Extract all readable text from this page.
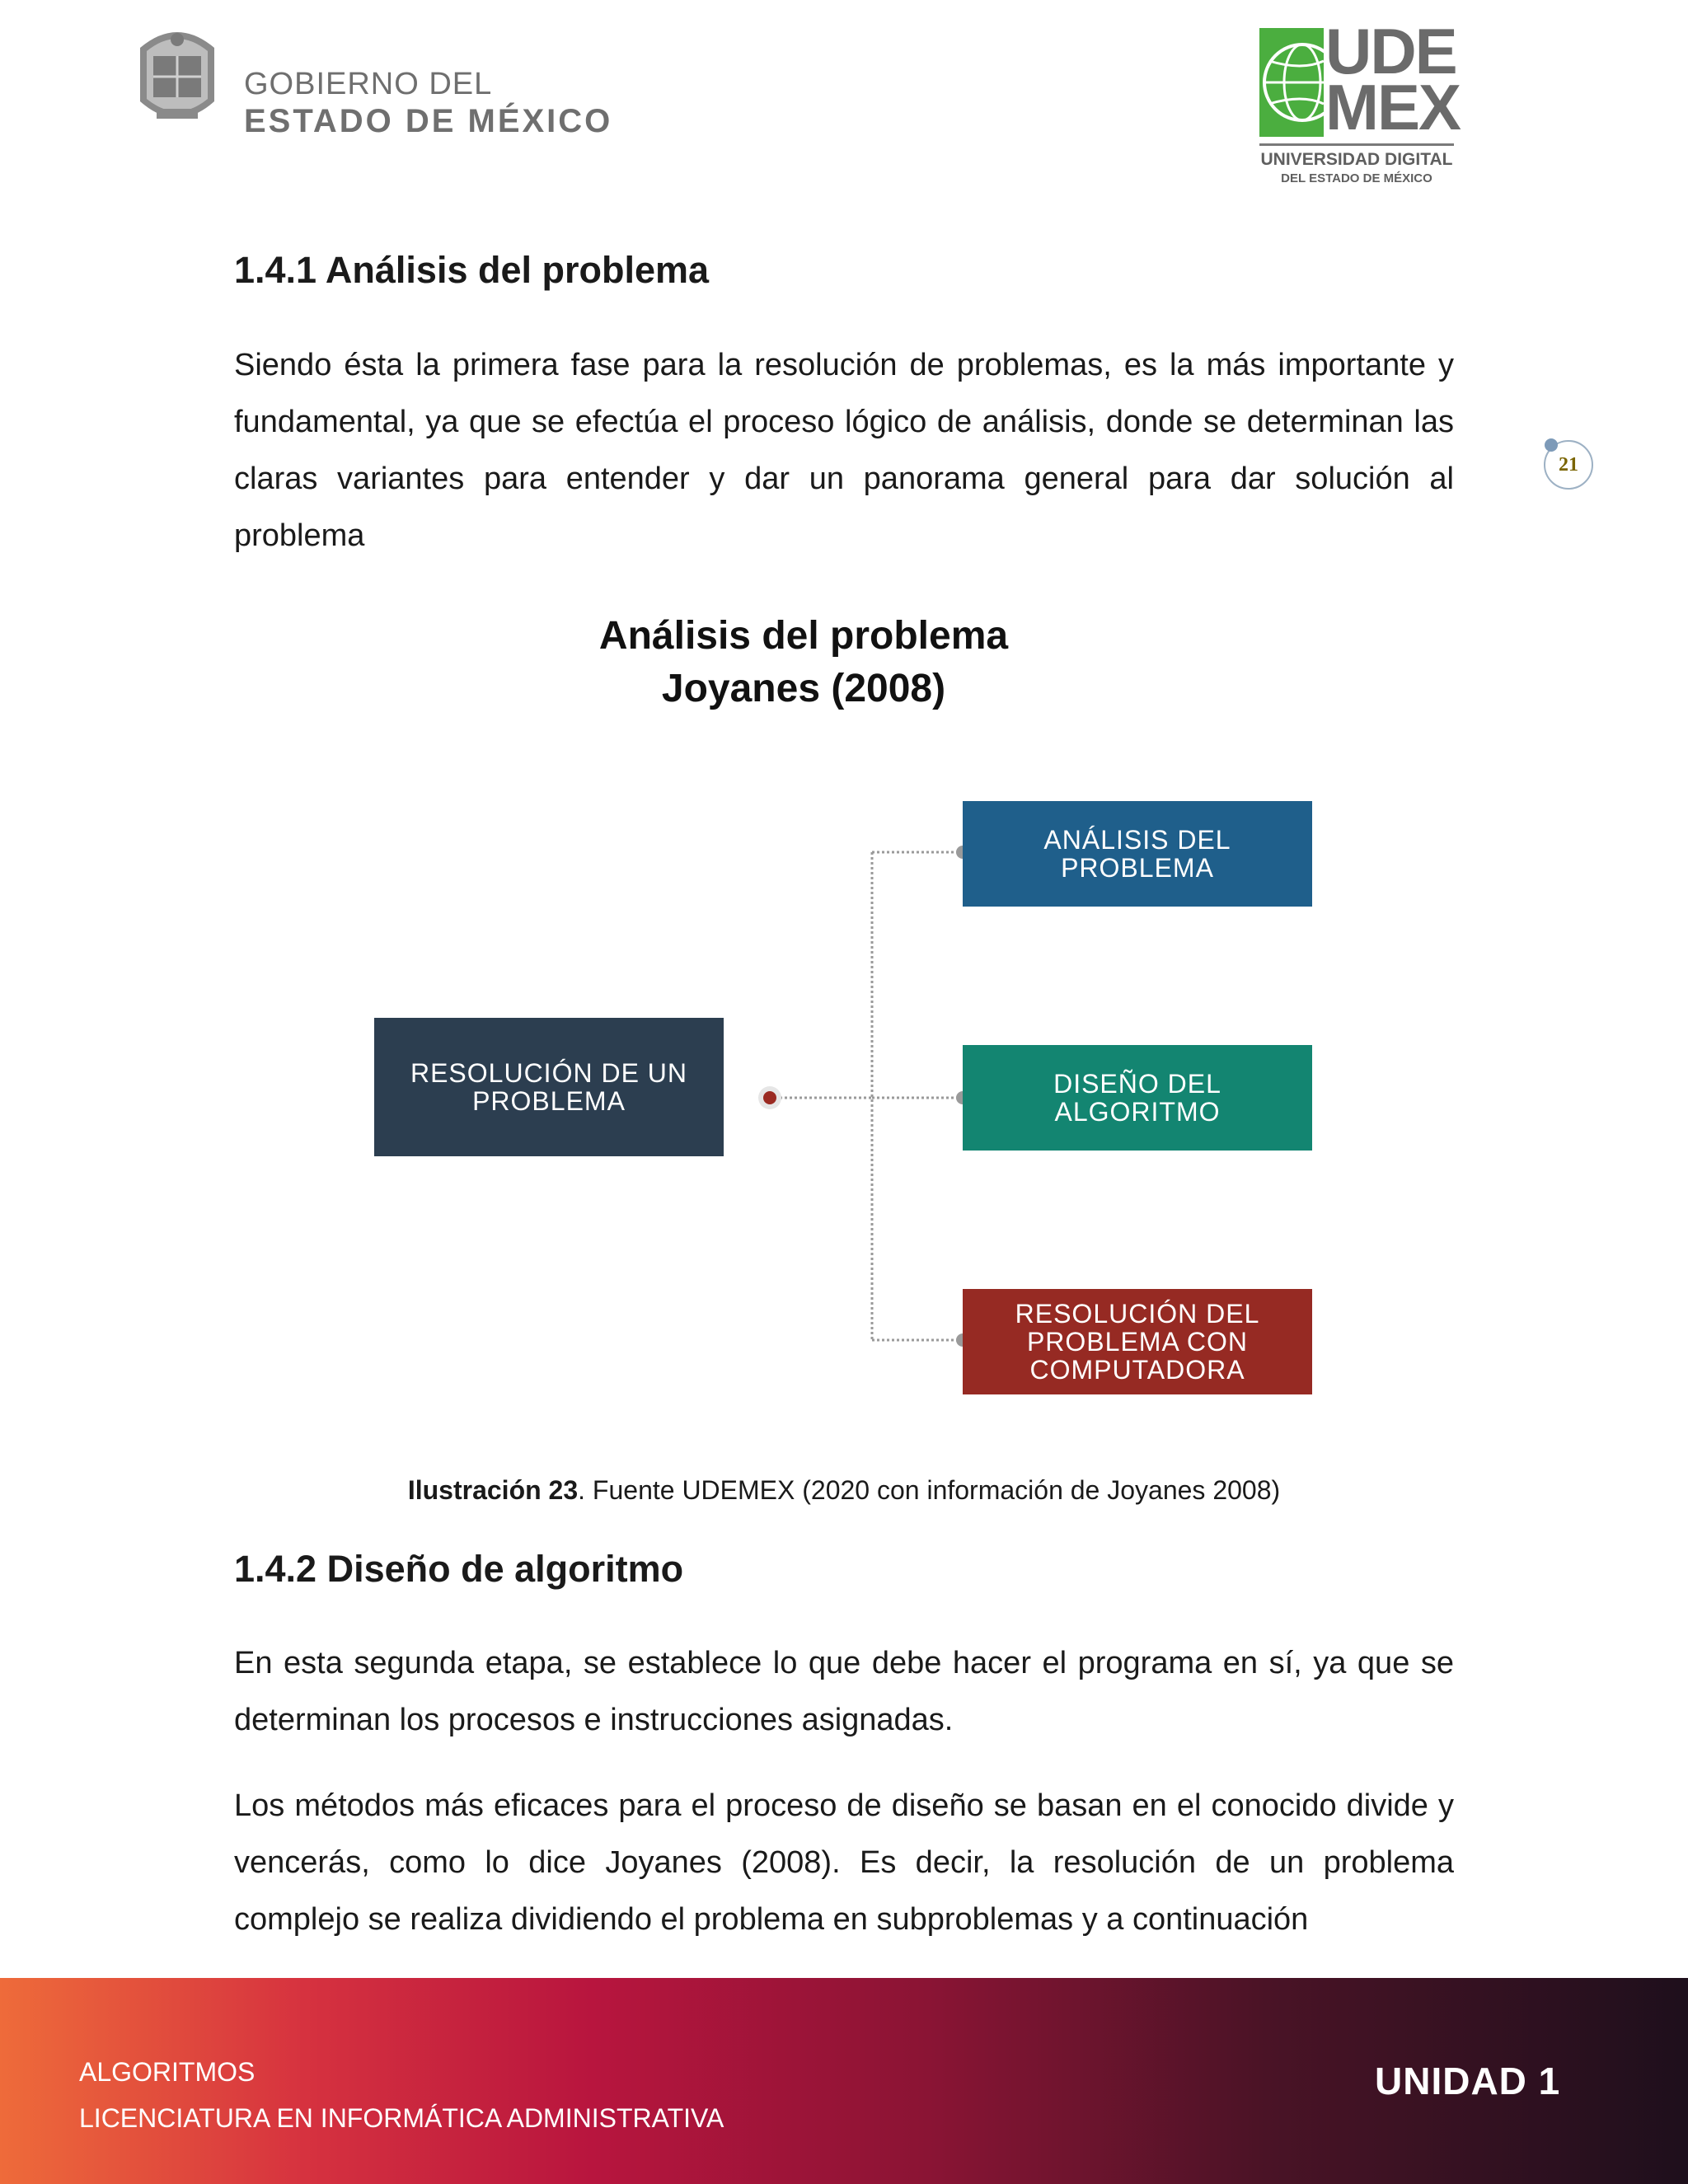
GOBIERNO DEL
ESTADO DE MÉXICO
UDE
MEX
UNIVERSIDAD DIGITAL
DEL ESTADO DE MÉXICO
21
1.4.1 Análisis del problema

Siendo ésta la primera fase para la resolución de problemas, es la más importante y fundamental, ya que se efectúa el proceso lógico de análisis, donde se determinan las claras variantes para entender y dar un panorama general para dar solución al problema

Análisis del problema
Joyanes (2008)
RESOLUCIÓN DE UN
PROBLEMA
ANÁLISIS DEL
PROBLEMA
DISEÑO DEL
ALGORITMO
RESOLUCIÓN DEL
PROBLEMA CON
COMPUTADORA
Ilustración 23. Fuente UDEMEX (2020 con información de Joyanes 2008)
1.4.2 Diseño de algoritmo

En esta segunda etapa, se establece lo que debe hacer el programa en sí, ya que se determinan los procesos e instrucciones asignadas.

Los métodos más eficaces para el proceso de diseño se basan en el conocido divide y vencerás, como lo dice Joyanes (2008). Es decir, la resolución de un problema complejo se realiza dividiendo el problema en subproblemas y a continuación

ALGORITMOS
LICENCIATURA EN INFORMÁTICA ADMINISTRATIVA
UNIDAD 1
